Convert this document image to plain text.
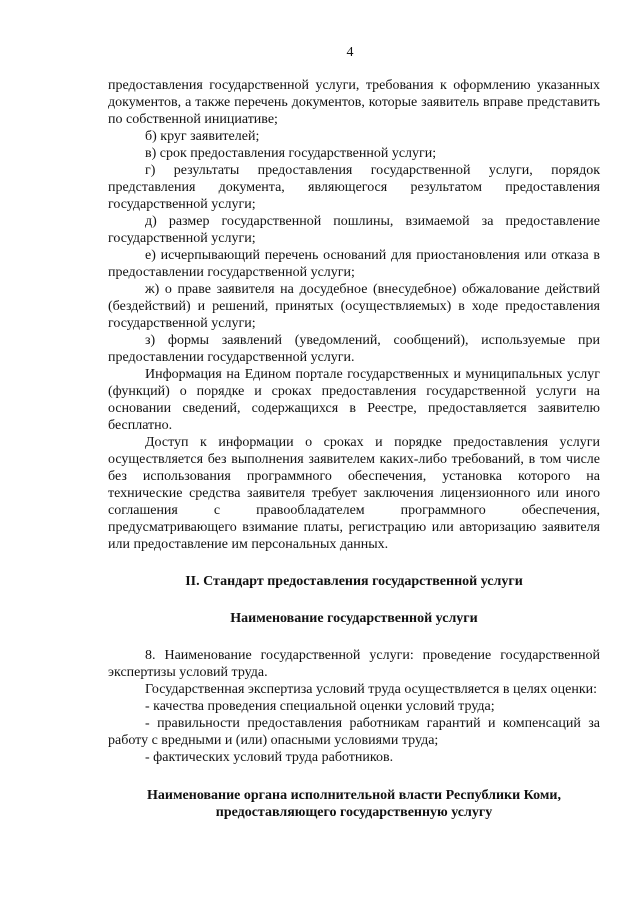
4

предоставления государственной услуги, требования к оформлению указанных документов, а также перечень документов, которые заявитель вправе представить по собственной инициативе;

б) круг заявителей;

в) срок предоставления государственной услуги;

г) результаты предоставления государственной услуги, порядок представления документа, являющегося результатом предоставления государственной услуги;

д) размер государственной пошлины, взимаемой за предоставление государственной услуги;

е) исчерпывающий перечень оснований для приостановления или отказа в предоставлении государственной услуги;

ж) о праве заявителя на досудебное (внесудебное) обжалование действий (бездействий) и решений, принятых (осуществляемых) в ходе предоставления государственной услуги;

з) формы заявлений (уведомлений, сообщений), используемые при предоставлении государственной услуги.

Информация на Едином портале государственных и муниципальных услуг (функций) о порядке и сроках предоставления государственной услуги на основании сведений, содержащихся в Реестре, предоставляется заявителю бесплатно.

Доступ к информации о сроках и порядке предоставления услуги осуществляется без выполнения заявителем каких-либо требований, в том числе без использования программного обеспечения, установка которого на технические средства заявителя требует заключения лицензионного или иного соглашения с правообладателем программного обеспечения, предусматривающего взимание платы, регистрацию или авторизацию заявителя или предоставление им персональных данных.

II. Стандарт предоставления государственной услуги
Наименование государственной услуги

8. Наименование государственной услуги: проведение государственной экспертизы условий труда.

Государственная экспертиза условий труда осуществляется в целях оценки:

- качества проведения специальной оценки условий труда;

- правильности предоставления работникам гарантий и компенсаций за работу с вредными и (или) опасными условиями труда;

- фактических условий труда работников.

Наименование органа исполнительной власти Республики Коми,
предоставляющего государственную услугу
